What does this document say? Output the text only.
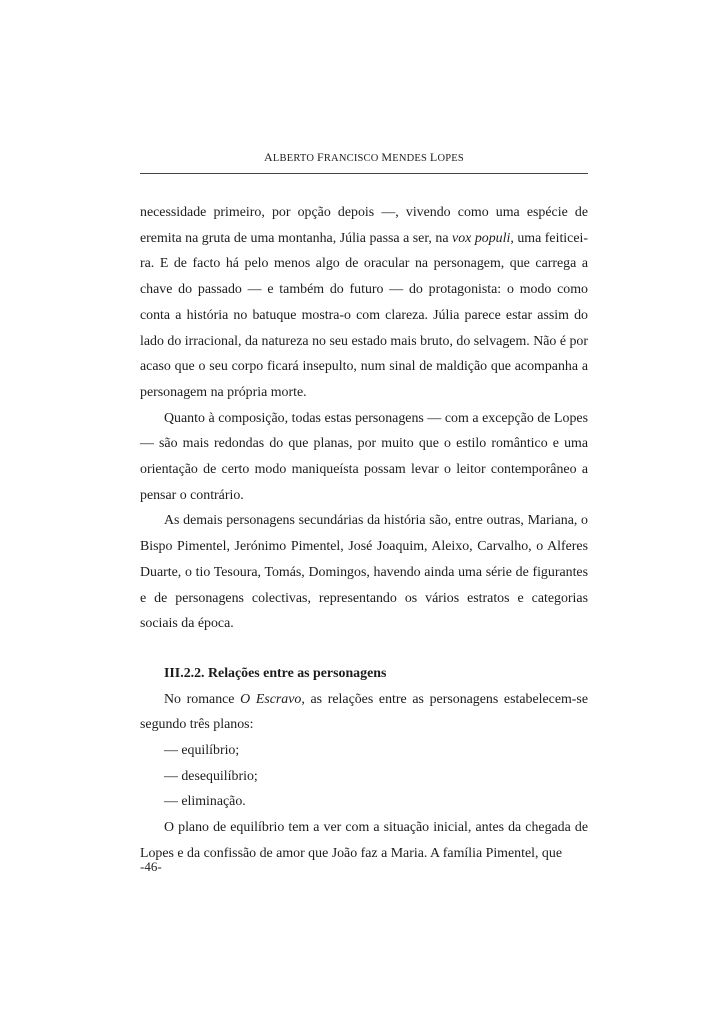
ALBERTO FRANCISCO MENDES LOPES

necessidade primeiro, por opção depois —, vivendo como uma espécie de eremita na gruta de uma montanha, Júlia passa a ser, na vox populi, uma feiticeira. E de facto há pelo menos algo de oracular na personagem, que carrega a chave do passado — e também do futuro — do protagonista: o modo como conta a história no batuque mostra-o com clareza. Júlia parece estar assim do lado do irracional, da natureza no seu estado mais bruto, do selvagem. Não é por acaso que o seu corpo ficará insepulto, num sinal de maldição que acompanha a personagem na própria morte.

Quanto à composição, todas estas personagens — com a excepção de Lopes — são mais redondas do que planas, por muito que o estilo romântico e uma orientação de certo modo maniqueísta possam levar o leitor contemporâneo a pensar o contrário.

As demais personagens secundárias da história são, entre outras, Mariana, o Bispo Pimentel, Jerónimo Pimentel, José Joaquim, Aleixo, Carvalho, o Alferes Duarte, o tio Tesoura, Tomás, Domingos, havendo ainda uma série de figurantes e de personagens colectivas, representando os vários estratos e categorias sociais da época.

III.2.2. Relações entre as personagens

No romance O Escravo, as relações entre as personagens estabelecem-se segundo três planos:

— equilíbrio;

— desequilíbrio;

— eliminação.

O plano de equilíbrio tem a ver com a situação inicial, antes da chegada de Lopes e da confissão de amor que João faz a Maria. A família Pimentel, que

-46-
